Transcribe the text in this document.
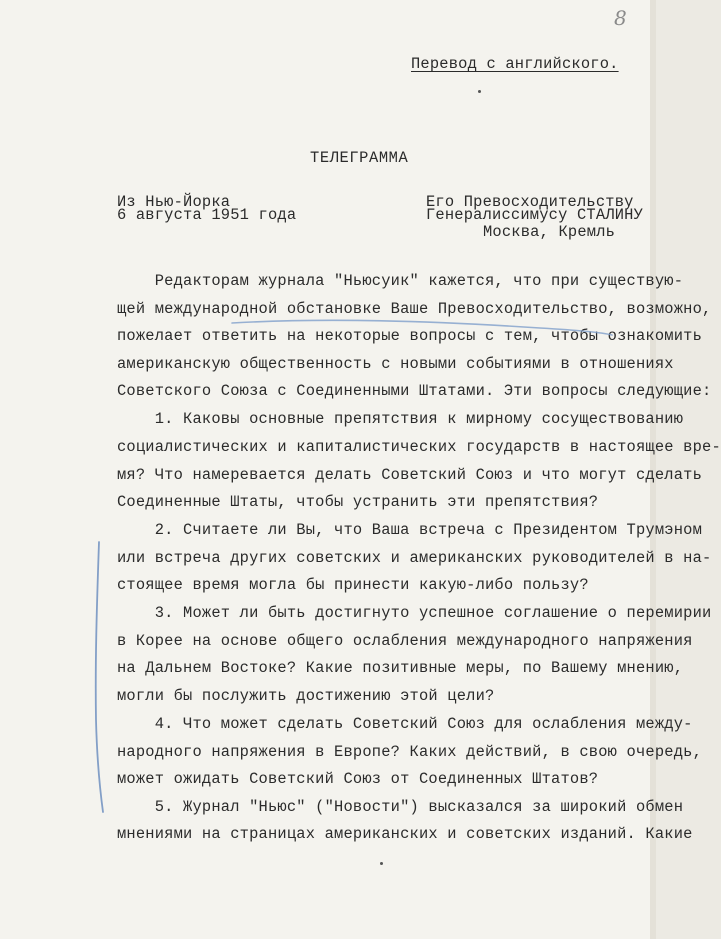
8
Перевод с английского.
ТЕЛЕГРАММА
Из Нью-Йорка
6 августа 1951 года
Его Превосходительству
Генералиссимусу СТАЛИНУ
Москва, Кремль
Редакторам журнала "Ньюсуик" кажется, что при существую-
щей международной обстановке Ваше Превосходительство, возможно,
пожелает ответить на некоторые вопросы с тем, чтобы ознакомить
американскую общественность с новыми событиями в отношениях
Советского Союза с Соединенными Штатами. Эти вопросы следующие:
1. Каковы основные препятствия к мирному сосуществованию
социалистических и капиталистических государств в настоящее вре-
мя? Что намеревается делать Советский Союз и что могут сделать
Соединенные Штаты, чтобы устранить эти препятствия?
2. Считаете ли Вы, что Ваша встреча с Президентом Трумэном
или встреча других советских и американских руководителей в на-
стоящее время могла бы принести какую-либо пользу?
3. Может ли быть достигнуто успешное соглашение о перемирии
в Корее на основе общего ослабления международного напряжения
на Дальнем Востоке? Какие позитивные меры, по Вашему мнению,
могли бы послужить достижению этой цели?
4. Что может сделать Советский Союз для ослабления между-
народного напряжения в Европе? Каких действий, в свою очередь,
может ожидать Советский Союз от Соединенных Штатов?
5. Журнал "Ньюс" ("Новости") высказался за широкий обмен
мнениями на страницах американских и советских изданий. Какие
